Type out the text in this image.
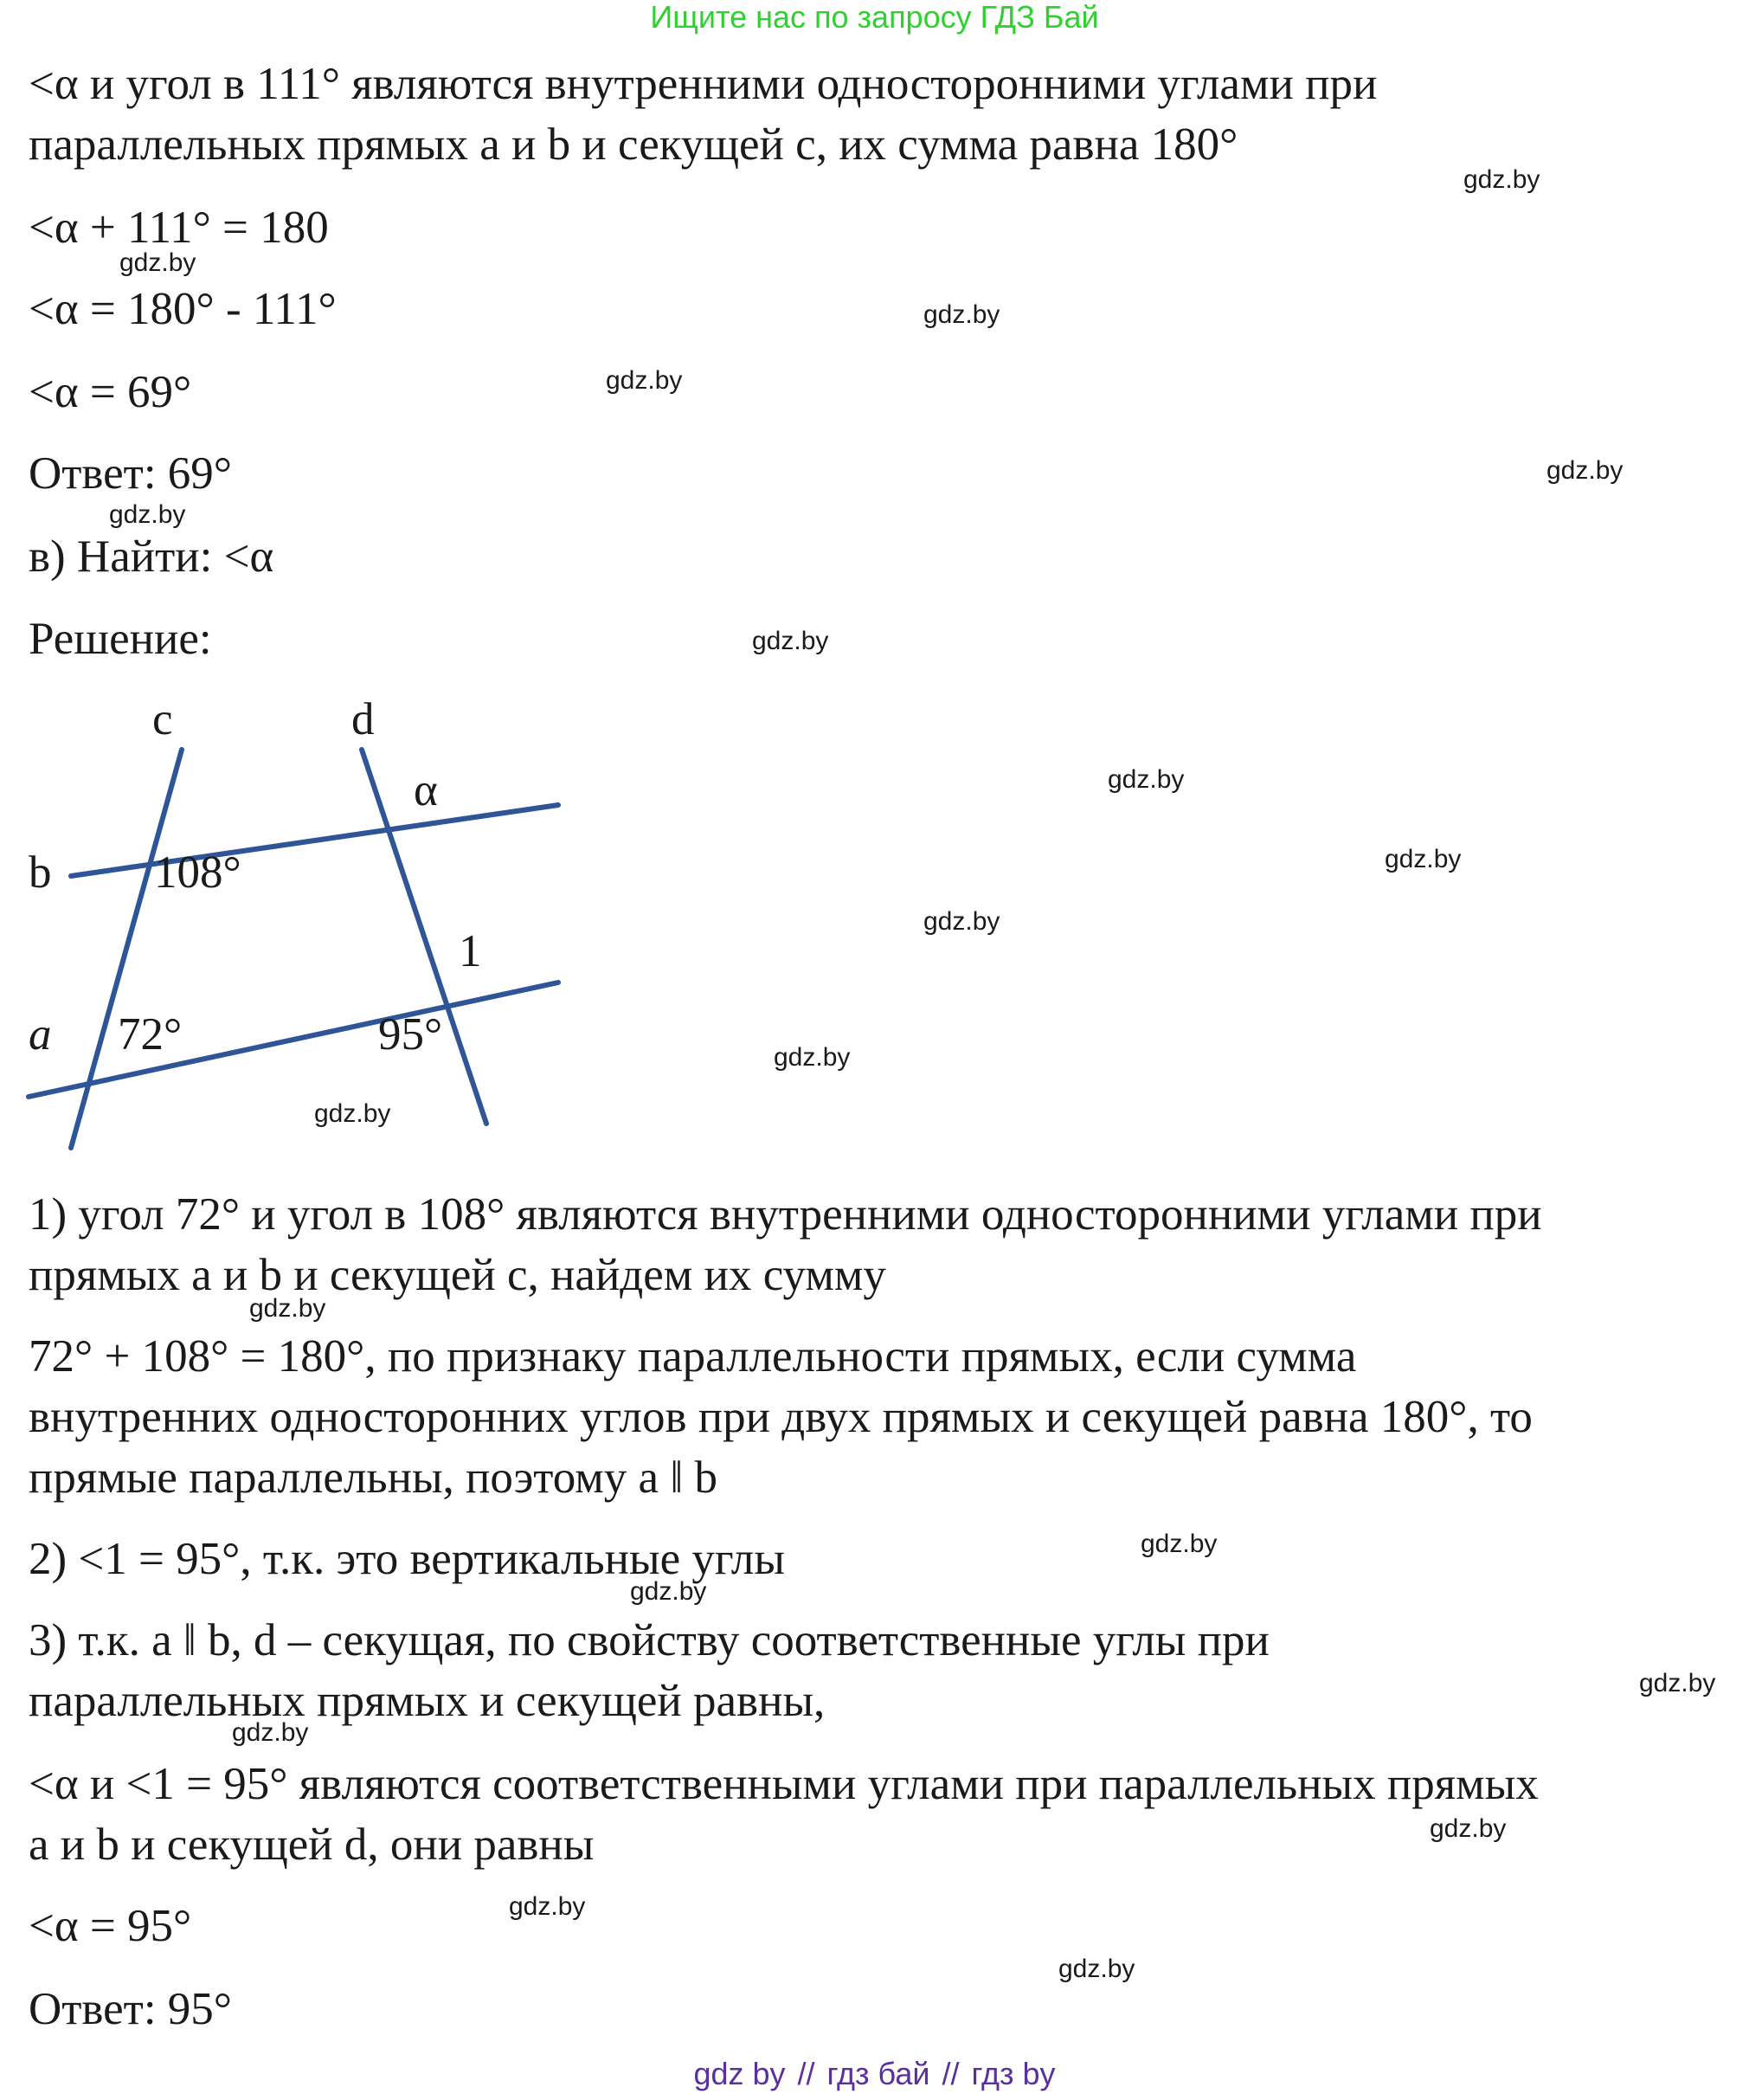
Ищите нас по запросу ГДЗ Бай
<α и угол в 111° являются внутренними односторонними углами при
параллельных прямых a и b и секущей c, их сумма равна 180°
<α + 111° = 180
<α = 180° - 111°
<α = 69°
Ответ: 69°
в) Найти: <α
Решение:
c	d
α
b 108°
1
a 72°	95°
1) угол 72° и угол в 108° являются внутренними односторонними углами при
прямых a и b и секущей c, найдем их сумму
72° + 108° = 180°, по признаку параллельности прямых, если сумма
внутренних односторонних углов при двух прямых и секущей равна 180°, то
прямые параллельны, поэтому a ǁ b
2) <1 = 95°, т.к. это вертикальные углы
3) т.к. a ǁ b, d – секущая, по свойству соответственные углы при
параллельных прямых и секущей равны,
<α и <1 = 95° являются соответственными углами при параллельных прямых
a и b и секущей d, они равны
<α = 95°
Ответ: 95°
gdz.by
gdz.by
gdz.by
gdz.by
gdz.by
gdz.by
gdz.by
gdz.by
gdz.by
gdz.by
gdz.by
gdz.by
gdz.by
gdz.by
gdz.by
gdz.by
gdz.by
gdz.by
gdz.by
gdz.by
gdz by // гдз бай // гдз by
